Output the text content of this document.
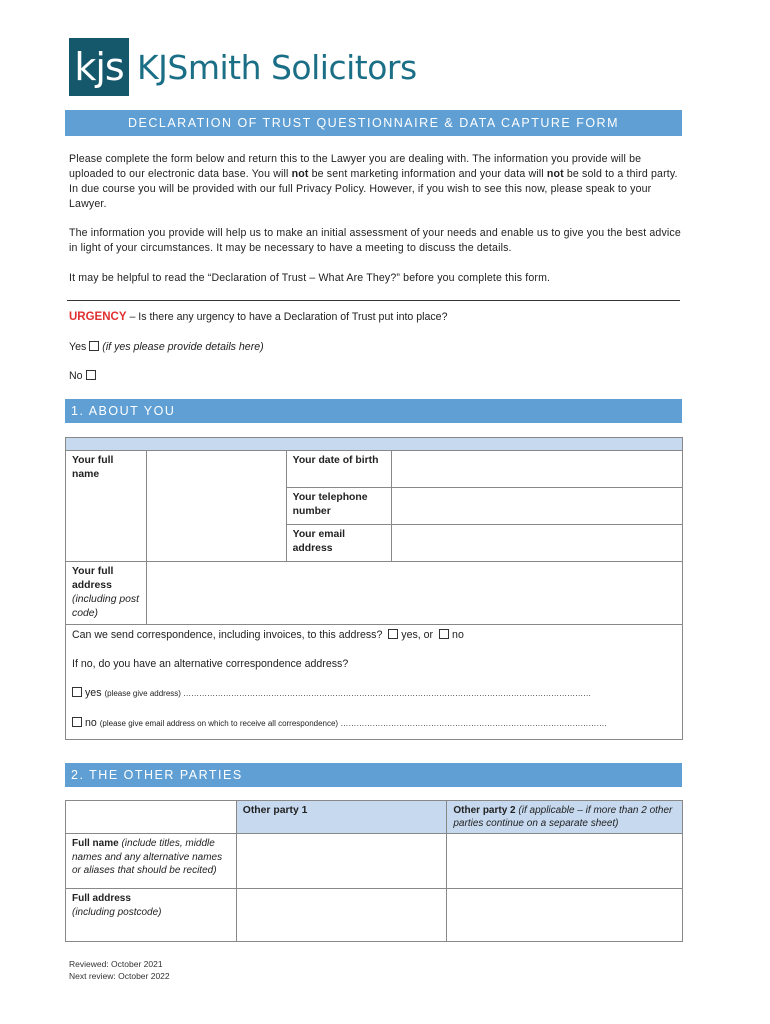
kjs KJSmith Solicitors
DECLARATION OF TRUST QUESTIONNAIRE & DATA CAPTURE FORM
Please complete the form below and return this to the Lawyer you are dealing with. The information you provide will be uploaded to our electronic data base. You will not be sent marketing information and your data will not be sold to a third party. In due course you will be provided with our full Privacy Policy. However, if you wish to see this now, please speak to your Lawyer.
The information you provide will help us to make an initial assessment of your needs and enable us to give you the best advice in light of your circumstances. It may be necessary to have a meeting to discuss the details.
It may be helpful to read the “Declaration of Trust – What Are They?” before you complete this form.
URGENCY – Is there any urgency to have a Declaration of Trust put into place?
Yes (if yes please provide details here)
No
1. ABOUT YOU

Your full name		Your date of birth	
		Your telephone number	
		Your email address	
Your full address
(including post code)			

Can we send correspondence, including invoices, to this address? yes, or no
If no, do you have an alternative correspondence address?
yes (please give address) ………………………………………………………………………………………………………………………………………
no (please give email address on which to receive all correspondence) ……………………………………………………………………………………….			
2. THE OTHER PARTIES
	Other party 1	Other party 2 (if applicable – if more than 2 other parties continue on a separate sheet)
Full name (include titles, middle names and any alternative names or aliases that should be recited)		
Full address
(including postcode)		
Reviewed: October 2021
Next review: October 2022
